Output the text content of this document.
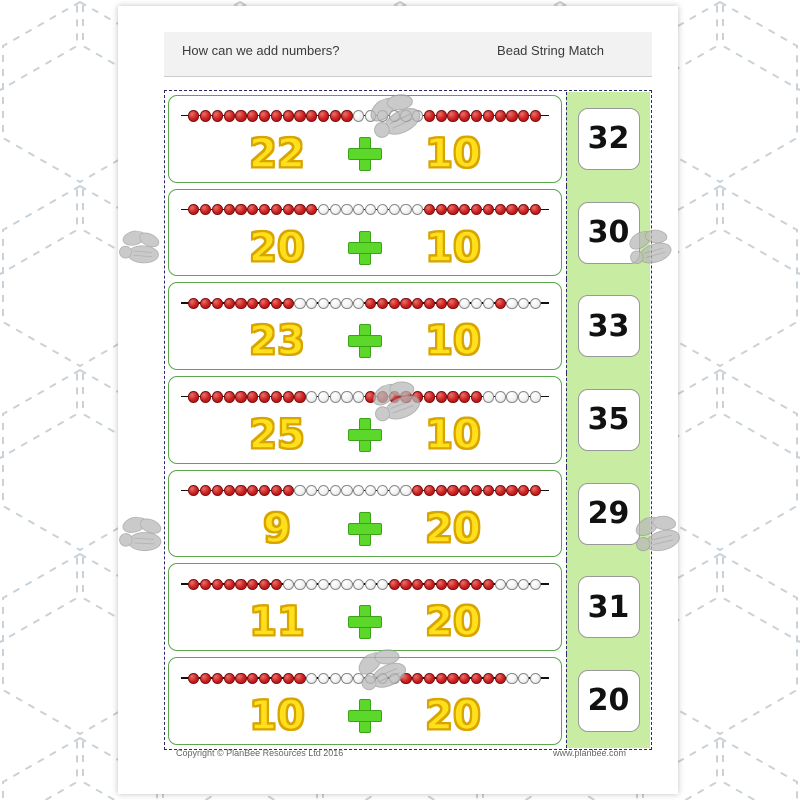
How can we add numbers?	Bead String Match
22	10	32
20	10	30
23	10	33
25	10	35
9	20	29
11	20	31
10	20	20
Copyright © PlanBee Resources Ltd 2016	www.planbee.com
